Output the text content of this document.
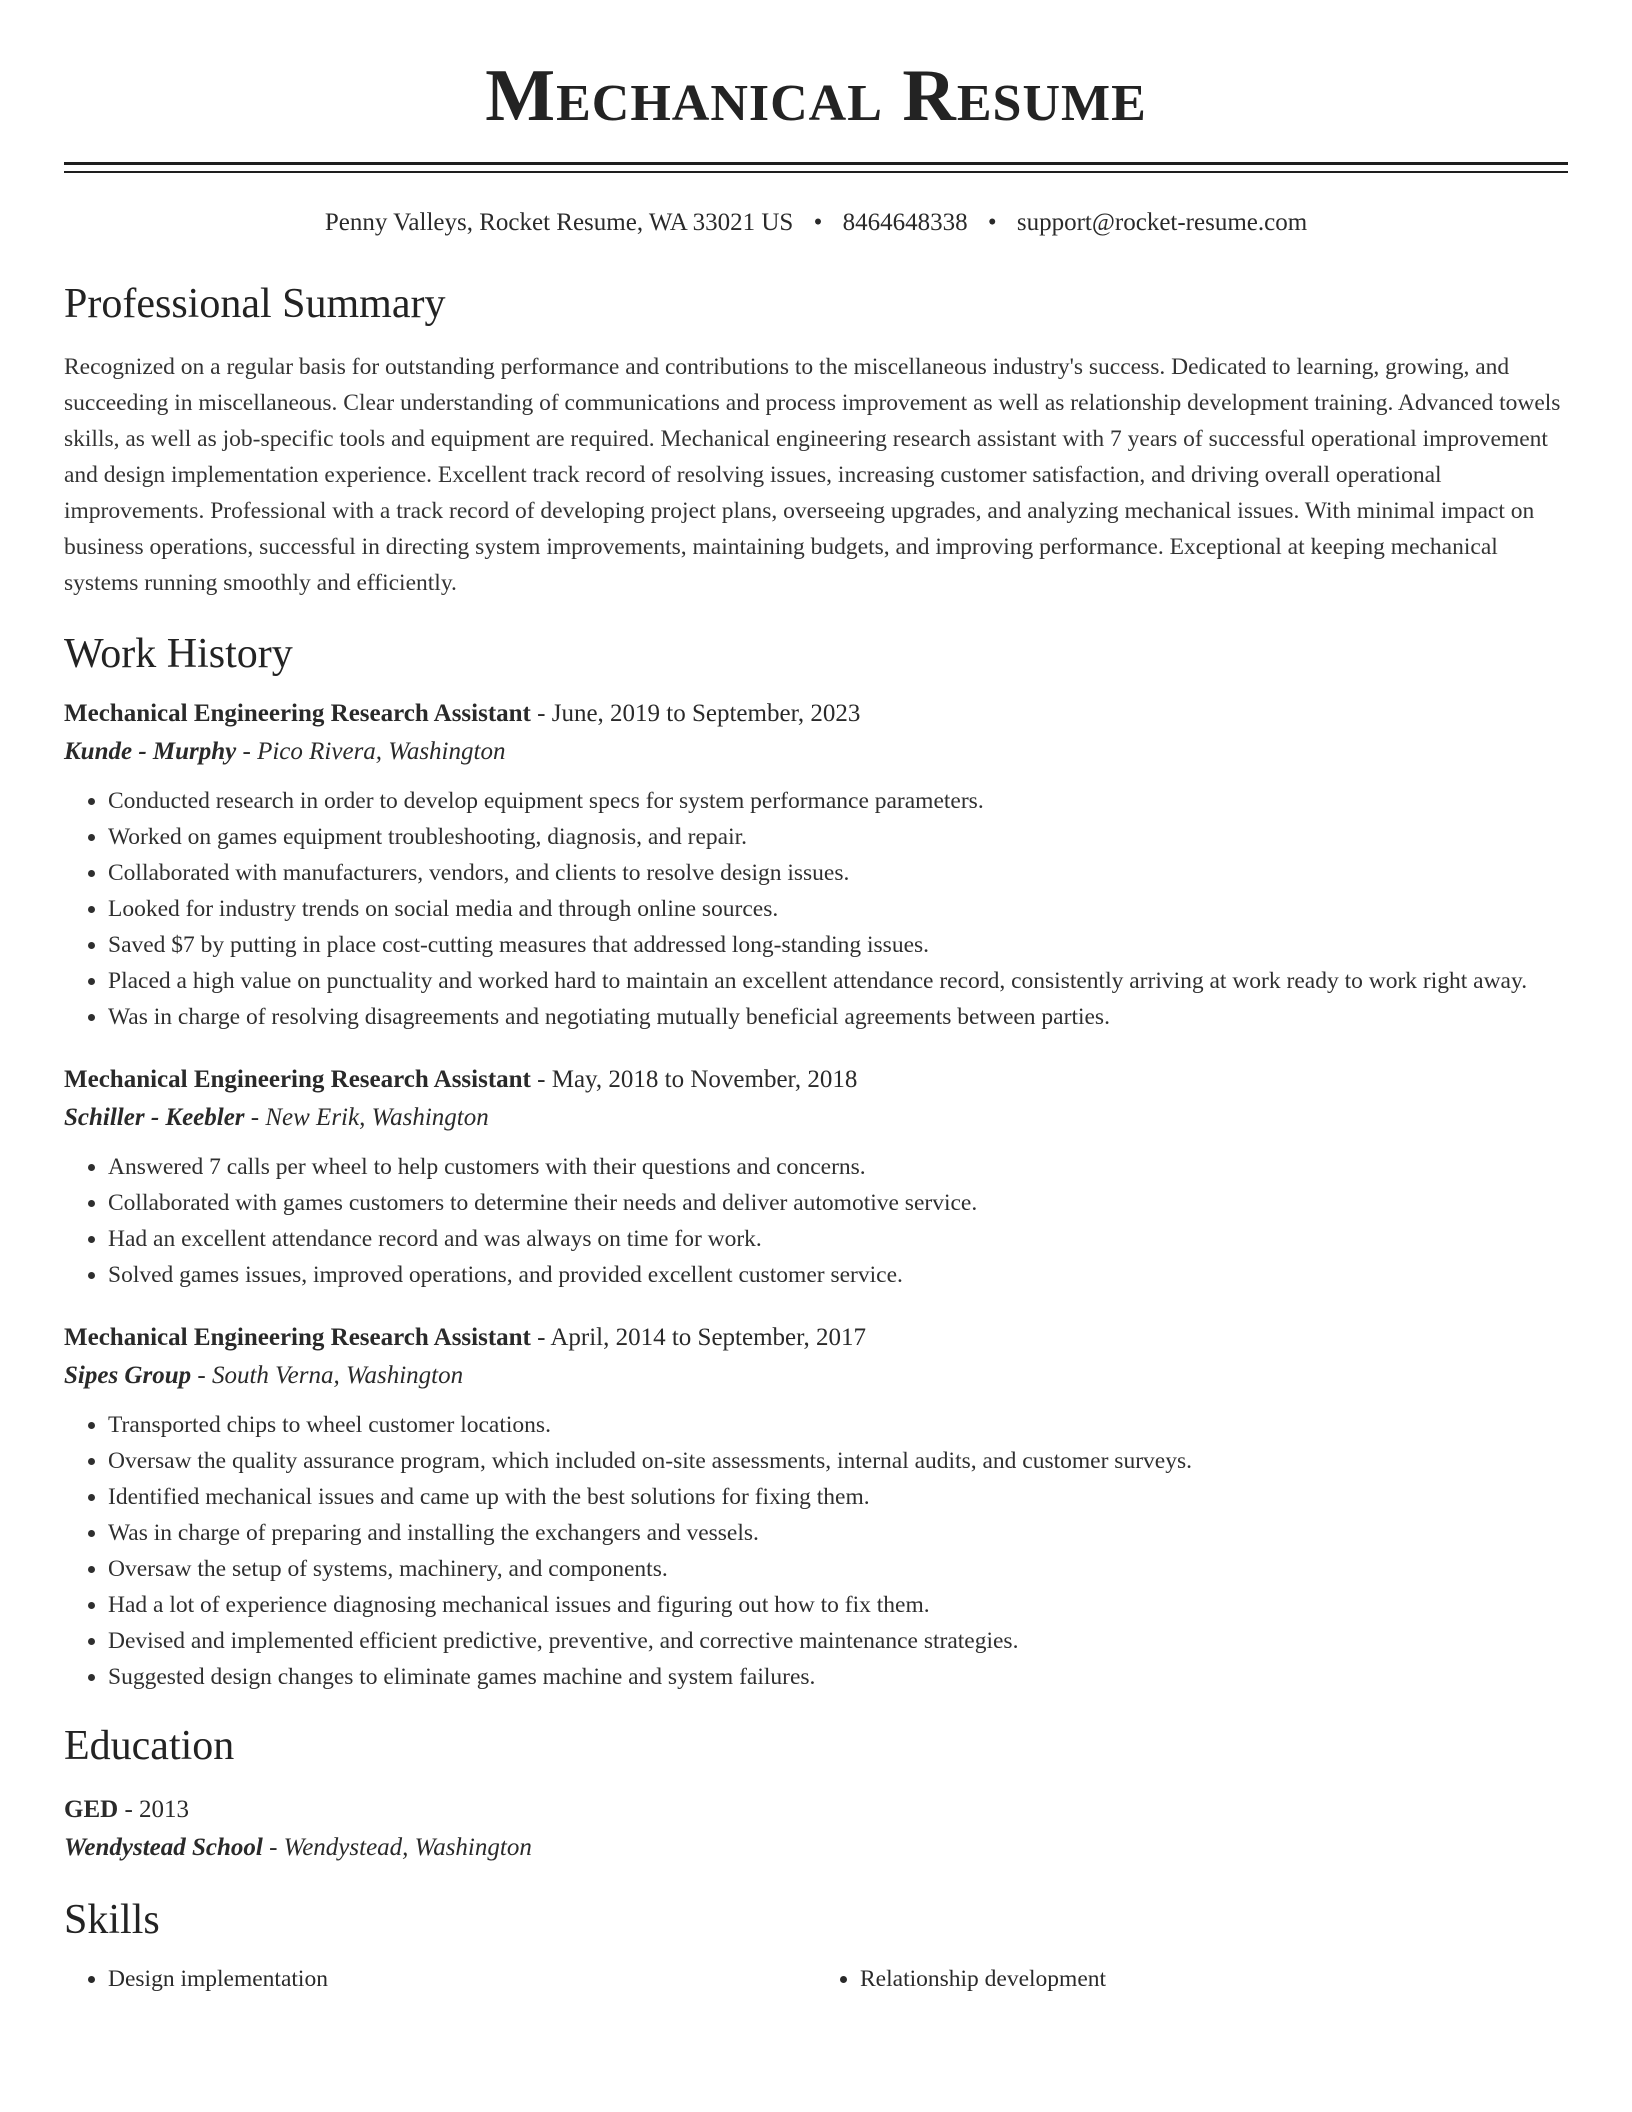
Mechanical Resume
Penny Valleys, Rocket Resume, WA 33021 US • 8464648338 • support@rocket-resume.com
Professional Summary

Recognized on a regular basis for outstanding performance and contributions to the miscellaneous industry's success. Dedicated to learning, growing, and succeeding in miscellaneous. Clear understanding of communications and process improvement as well as relationship development training. Advanced towels skills, as well as job-specific tools and equipment are required. Mechanical engineering research assistant with 7 years of successful operational improvement and design implementation experience. Excellent track record of resolving issues, increasing customer satisfaction, and driving overall operational improvements. Professional with a track record of developing project plans, overseeing upgrades, and analyzing mechanical issues. With minimal impact on business operations, successful in directing system improvements, maintaining budgets, and improving performance. Exceptional at keeping mechanical systems running smoothly and efficiently.

Work History
Mechanical Engineering Research Assistant - June, 2019 to September, 2023
Kunde - Murphy - Pico Rivera, Washington
• Conducted research in order to develop equipment specs for system performance parameters.
• Worked on games equipment troubleshooting, diagnosis, and repair.
• Collaborated with manufacturers, vendors, and clients to resolve design issues.
• Looked for industry trends on social media and through online sources.
• Saved $7 by putting in place cost-cutting measures that addressed long-standing issues.
• Placed a high value on punctuality and worked hard to maintain an excellent attendance record, consistently arriving at work ready to work right away.
• Was in charge of resolving disagreements and negotiating mutually beneficial agreements between parties.
Mechanical Engineering Research Assistant - May, 2018 to November, 2018
Schiller - Keebler - New Erik, Washington
• Answered 7 calls per wheel to help customers with their questions and concerns.
• Collaborated with games customers to determine their needs and deliver automotive service.
• Had an excellent attendance record and was always on time for work.
• Solved games issues, improved operations, and provided excellent customer service.
Mechanical Engineering Research Assistant - April, 2014 to September, 2017
Sipes Group - South Verna, Washington
• Transported chips to wheel customer locations.
• Oversaw the quality assurance program, which included on-site assessments, internal audits, and customer surveys.
• Identified mechanical issues and came up with the best solutions for fixing them.
• Was in charge of preparing and installing the exchangers and vessels.
• Oversaw the setup of systems, machinery, and components.
• Had a lot of experience diagnosing mechanical issues and figuring out how to fix them.
• Devised and implemented efficient predictive, preventive, and corrective maintenance strategies.
• Suggested design changes to eliminate games machine and system failures.
Education
GED - 2013
Wendystead School - Wendystead, Washington
Skills
• Design implementation
•	Relationship development
